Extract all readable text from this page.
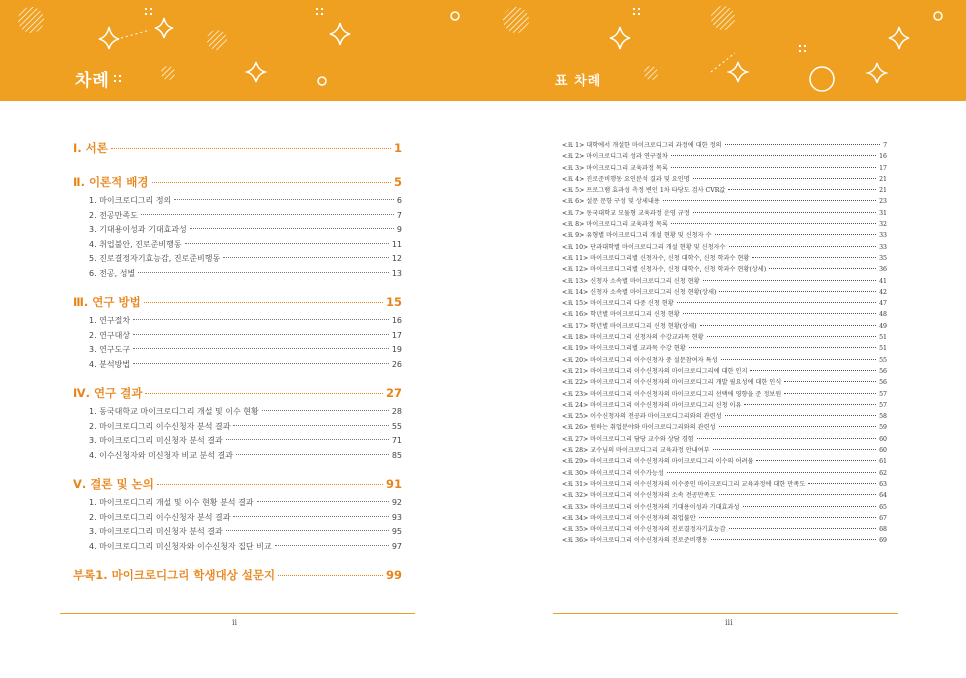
차례
Ⅰ. 서론	1
Ⅱ. 이론적 배경	5
1. 마이크로디그리 정의	6
2. 전공만족도	7
3. 기대용이성과 기대효과성	9
4. 취업불안, 진로준비행동	11
5. 진로결정자기효능감, 진로준비행동	12
6. 전공, 성별	13
Ⅲ. 연구 방법	15
1. 연구절차	16
2. 연구대상	17
3. 연구도구	19
4. 분석방법	26
Ⅳ. 연구 결과	27
1. 동국대학교 마이크로디그리 개설 및 이수 현황	28
2. 마이크로디그리 이수신청자 분석 결과	55
3. 마이크로디그리 미신청자 분석 결과	71
4. 이수신청자와 미신청자 비교 분석 결과	85
Ⅴ. 결론 및 논의	91
1. 마이크로디그리 개설 및 이수 현황 분석 결과	92
2. 마이크로디그리 이수신청자 분석 결과	93
3. 마이크로디그리 미신청자 분석 결과	95
4. 마이크로디그리 미신청자와 이수신청자 집단 비교	97
부록1. 마이크로디그리 학생대상 설문지	99
ii
표 차례
<표 1> 대학에서 개설한 마이크로디그리 과정에 대한 정의	7
<표 2> 마이크로디그리 성과 연구절차	16
<표 3> 마이크로디그리 교육과정 목록	17
<표 4> 진로준비행동 요인분석 결과 및 요인명	21
<표 5> 프로그램 효과성 측정 변인 1차 타당도 검사 CVR값	21
<표 6> 설문 문항 구성 및 상세내용	23
<표 7> 동국대학교 모듈형 교육과정 운영 규정	31
<표 8> 마이크로디그리 교육과정 목록	32
<표 9> 유형별 마이크로디그리 개설 현황 및 신청자 수	33
<표 10> 단과대학별 마이크로디그리 개설 현황 및 신청자수	33
<표 11> 마이크로디그리별 신청자수, 신청 대학수, 신청 학과수 현황	35
<표 12> 마이크로디그리별 신청자수, 신청 대학수, 신청 학과수 현황(상세)	36
<표 13> 신청자 소속별 마이크로디그리 신청 현황	41
<표 14> 신청자 소속별 마이크로디그리 신청 현황(상세)	42
<표 15> 마이크로디그리 다중 신청 현황	47
<표 16> 학년별 마이크로디그리 신청 현황	48
<표 17> 학년별 마이크로디그리 신청 현황(상세)	49
<표 18> 마이크로디그리 신청자의 수강교과목 현황	51
<표 19> 마이크로디그리별 교과목 수강 현황	51
<표 20> 마이크로디그리 이수신청자 중 설문참여자 특성	55
<표 21> 마이크로디그리 이수신청자의 마이크로디그리에 대한 인지	56
<표 22> 마이크로디그리 이수신청자의 마이크로디그리 개발 필요성에 대한 인식	56
<표 23> 마이크로디그리 이수신청자의 마이크로디그리 선택에 영향을 준 정보원	57
<표 24> 마이크로디그리 이수신청자의 마이크로디그리 신청 이유	57
<표 25> 이수신청자의 전공과 마이크로디그리와의 관련성	58
<표 26> 원하는 취업분야와 마이크로디그리와의 관련성	59
<표 27> 마이크로디그리 담당 교수와 상담 경험	60
<표 28> 교수님의 마이크로디그리 교육과정 안내여부	60
<표 29> 마이크로디그리 이수신청자의 마이크로디그리 이수의 어려움	61
<표 30> 마이크로디그리 이수가능성	62
<표 31> 마이크로디그리 이수신청자의 이수중인 마이크로디그리 교육과정에 대한 만족도	63
<표 32> 마이크로디그리 이수신청자의 소속 전공만족도	64
<표 33> 마이크로디그리 이수신청자의 기대용이성과 기대효과성	65
<표 34> 마이크로디그리 이수신청자의 취업불안	67
<표 35> 마이크로디그리 이수신청자의 진로결정자기효능감	68
<표 36> 마이크로디그리 이수신청자의 진로준비행동	69
iii
